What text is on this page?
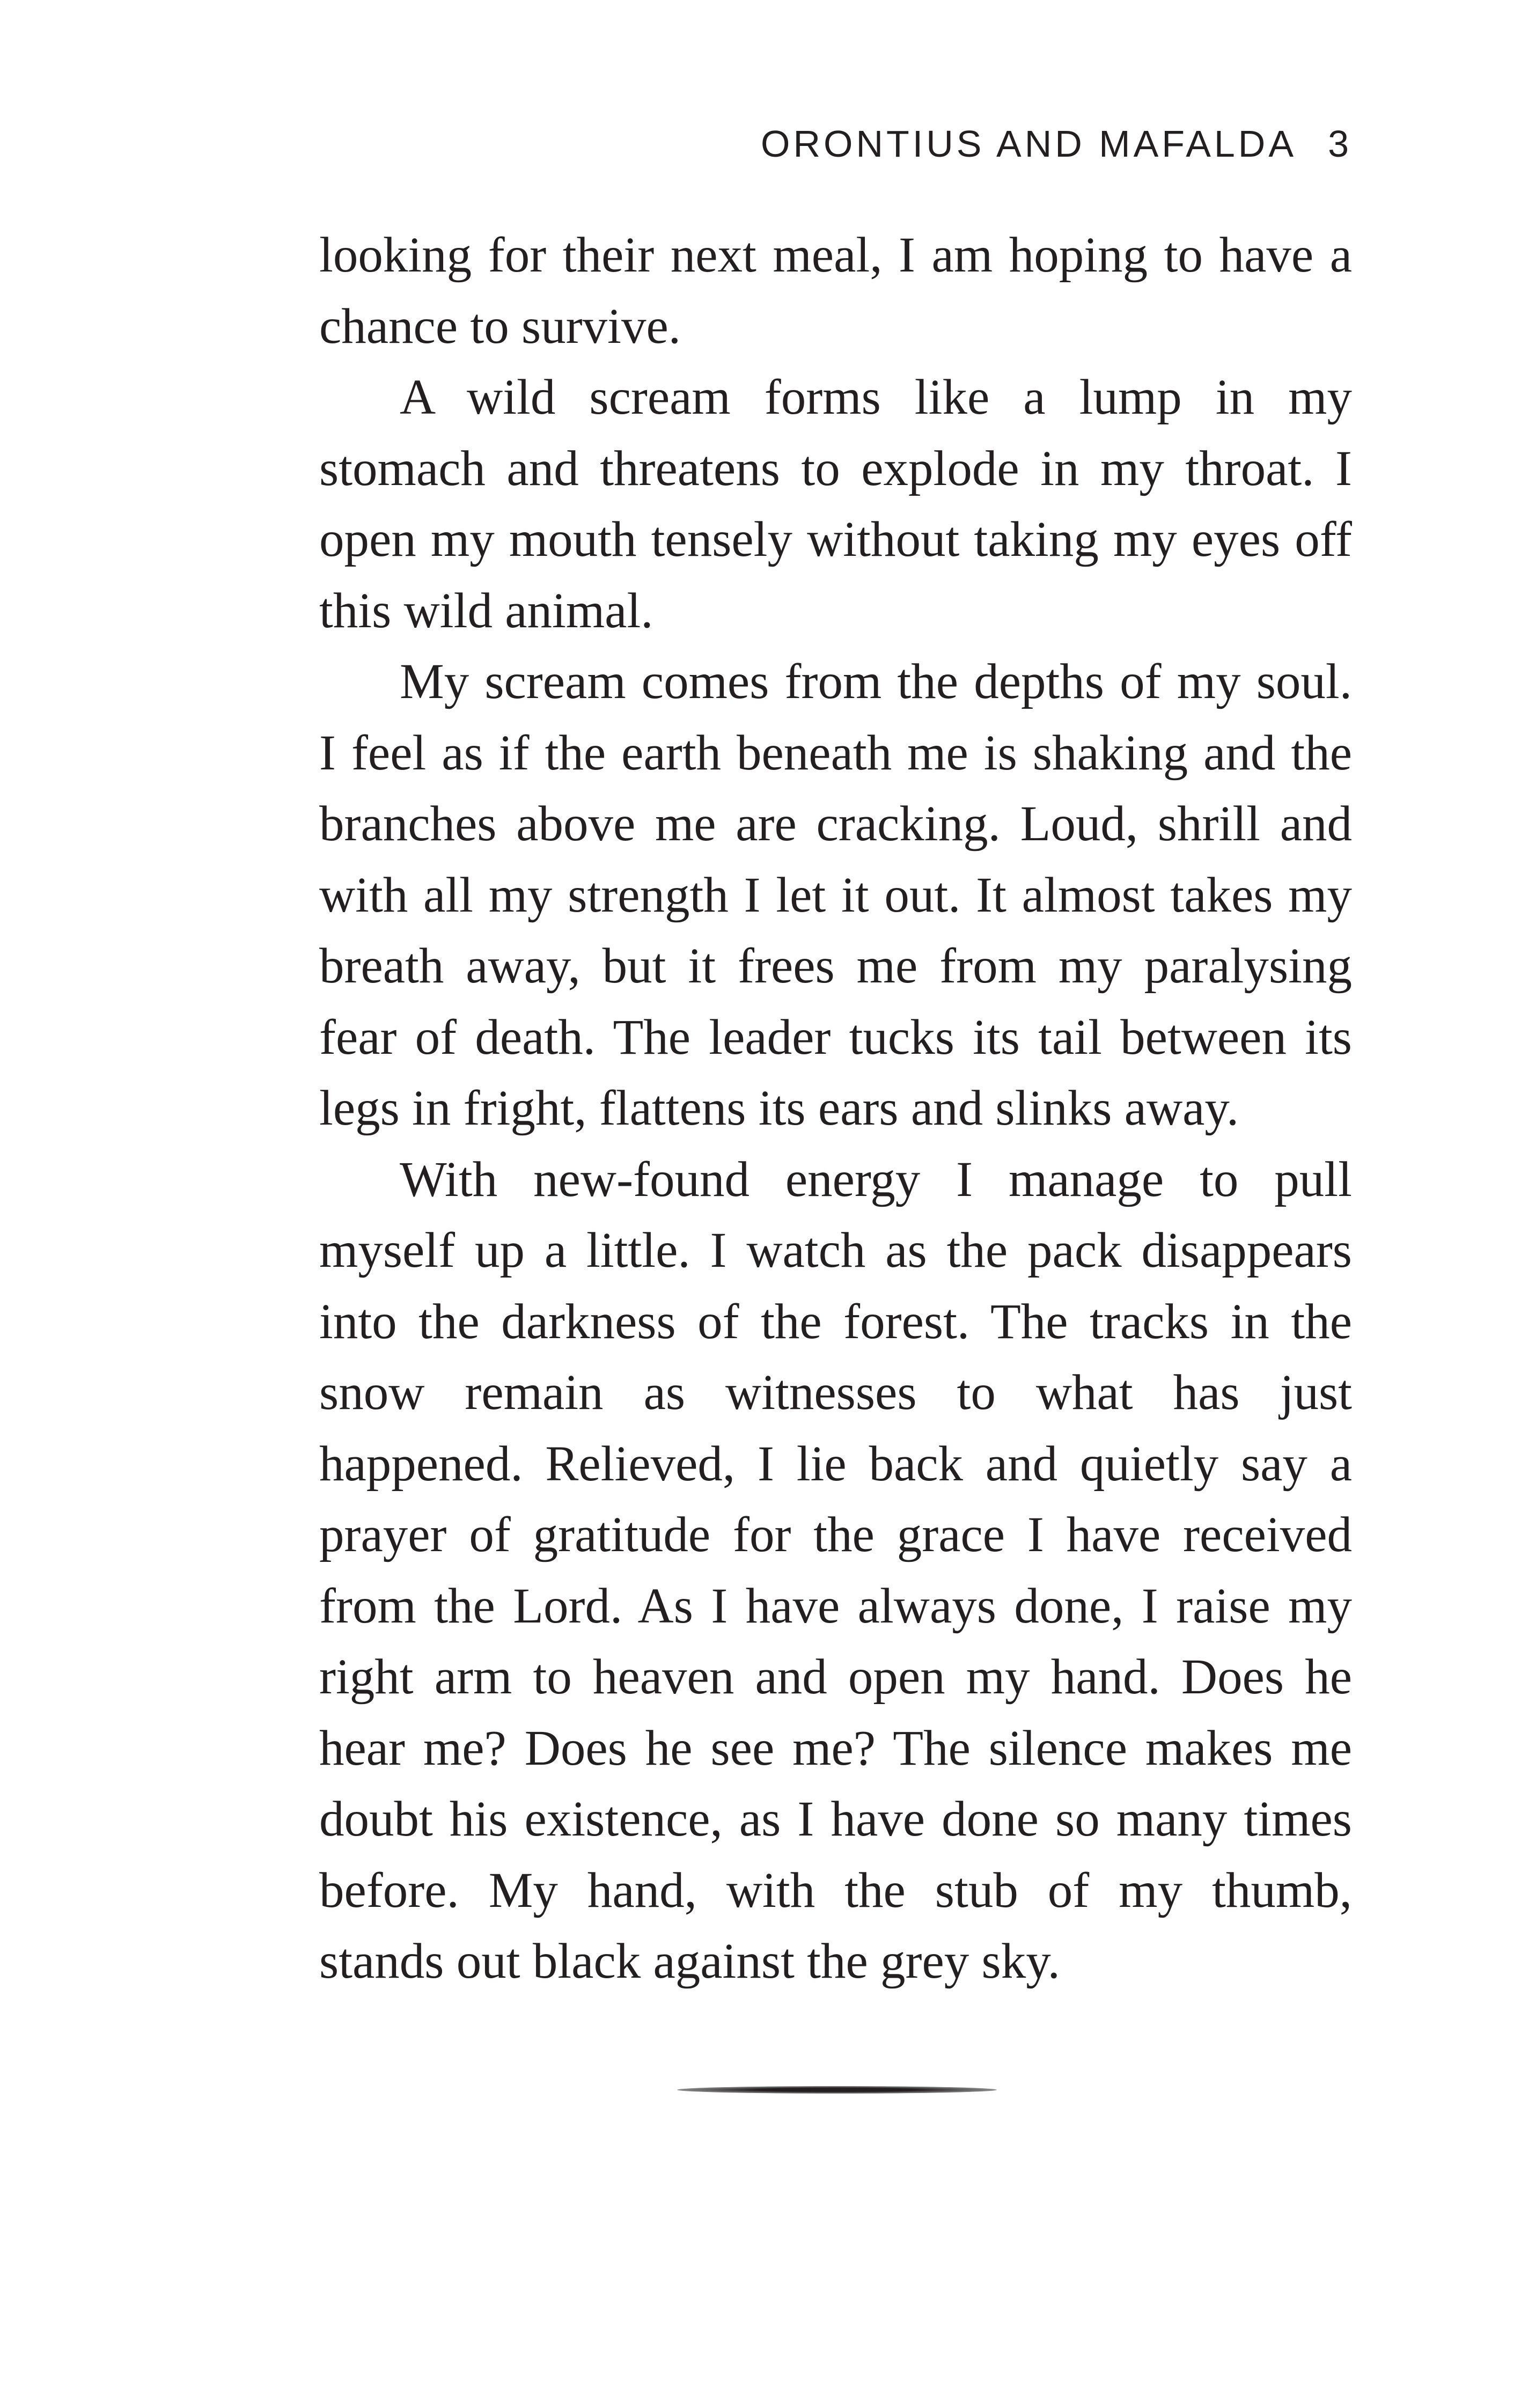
ORONTIUS AND MAFALDA 3

looking for their next meal, I am hoping to have a chance to survive.

A wild scream forms like a lump in my stomach and threatens to explode in my throat. I open my mouth tensely without taking my eyes off this wild animal.

My scream comes from the depths of my soul. I feel as if the earth beneath me is shaking and the branches above me are cracking. Loud, shrill and with all my strength I let it out. It almost takes my breath away, but it frees me from my paralysing fear of death. The leader tucks its tail between its legs in fright, flattens its ears and slinks away.

With new-found energy I manage to pull myself up a little. I watch as the pack disappears into the darkness of the forest. The tracks in the snow remain as witnesses to what has just happened. Relieved, I lie back and quietly say a prayer of gratitude for the grace I have received from the Lord. As I have always done, I raise my right arm to heaven and open my hand. Does he hear me? Does he see me? The silence makes me doubt his existence, as I have done so many times before. My hand, with the stub of my thumb, stands out black against the grey sky.
